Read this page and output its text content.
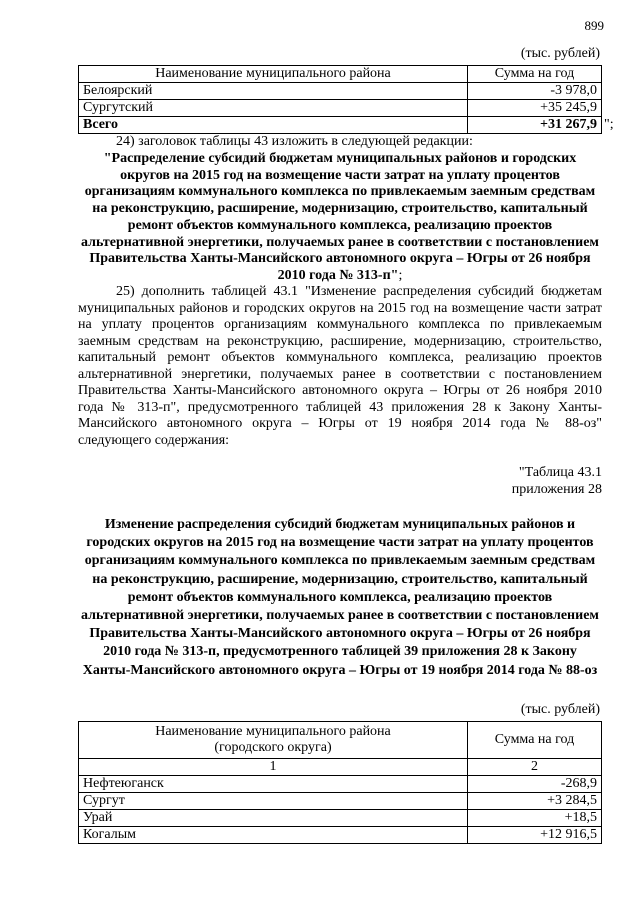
899
(тыс. рублей)
Наименование муниципального района	Сумма на год
Белоярский	-3 978,0
Сургутский	+35 245,9
Всего	+31 267,9 ";
24) заголовок таблицы 43 изложить в следующей редакции:
"Распределение субсидий бюджетам муниципальных районов и городских округов на 2015 год на возмещение части затрат на уплату процентов организациям коммунального комплекса по привлекаемым заемным средствам на реконструкцию, расширение, модернизацию, строительство, капитальный ремонт объектов коммунального комплекса, реализацию проектов альтернативной энергетики, получаемых ранее в соответствии с постановлением Правительства Ханты-Мансийского автономного округа – Югры от 26 ноября 2010 года № 313-п";
25) дополнить таблицей 43.1 "Изменение распределения субсидий бюджетам муниципальных районов и городских округов на 2015 год на возмещение части затрат на уплату процентов организациям коммунального комплекса по привлекаемым заемным средствам на реконструкцию, расширение, модернизацию, строительство, капитальный ремонт объектов коммунального комплекса, реализацию проектов альтернативной энергетики, получаемых ранее в соответствии с постановлением Правительства Ханты-Мансийского автономного округа – Югры от 26 ноября 2010 года № 313-п", предусмотренного таблицей 43 приложения 28 к Закону Ханты-Мансийского автономного округа – Югры от 19 ноября 2014 года № 88-оз" следующего содержания:
"Таблица 43.1
приложения 28
Изменение распределения субсидий бюджетам муниципальных районов и городских округов на 2015 год на возмещение части затрат на уплату процентов организациям коммунального комплекса по привлекаемым заемным средствам на реконструкцию, расширение, модернизацию, строительство, капитальный ремонт объектов коммунального комплекса, реализацию проектов альтернативной энергетики, получаемых ранее в соответствии с постановлением Правительства Ханты-Мансийского автономного округа – Югры от 26 ноября 2010 года № 313-п, предусмотренного таблицей 39 приложения 28 к Закону Ханты-Мансийского автономного округа – Югры от 19 ноября 2014 года № 88-оз
(тыс. рублей)
Наименование муниципального района
(городского округа)	Сумма на год
1	2
Нефтеюганск	-268,9
Сургут	+3 284,5
Урай	+18,5
Когалым	+12 916,5
